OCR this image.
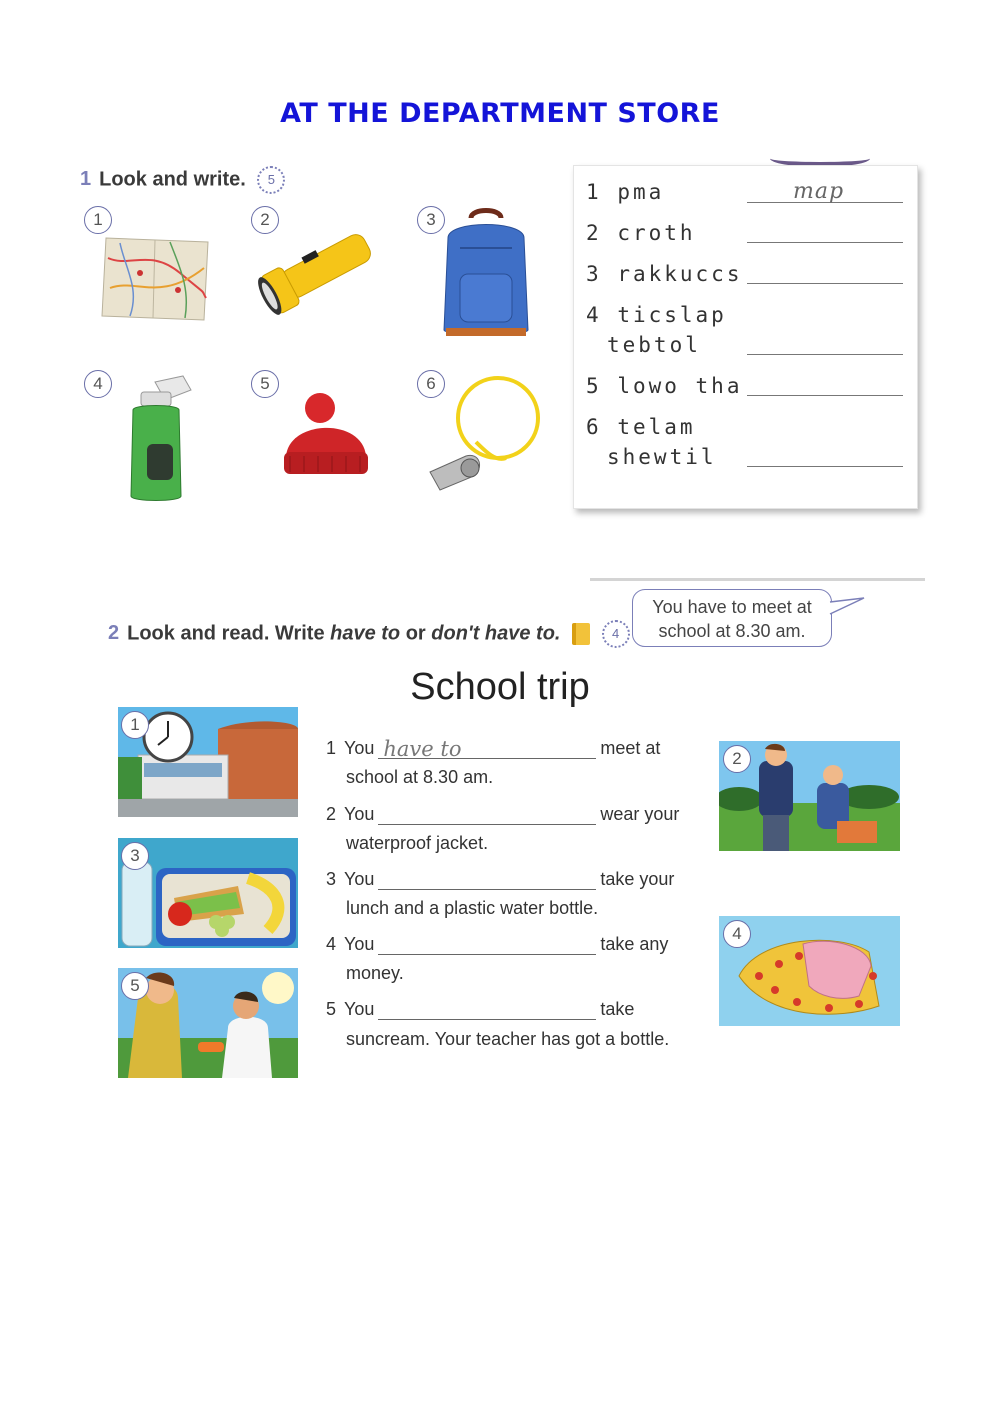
AT THE DEPARTMENT STORE
1 Look and write. 5
1	2	3
4	5	6
1 pma	map
2 croth
3 rakkuccs
4 ticslap
tebtol
5 lowo tha
6 telam
shewtil
2 Look and read. Write have to or don't have to.	4
You have to meet at school at 8.30 am.
School trip
1
3
5
2
4
1 You have to	meet at
school at 8.30 am.
2 You	wear your
waterproof jacket.
3 You	take your
lunch and a plastic water bottle.
4 You	take any
money.
5 You	take
suncream. Your teacher has got a bottle.
